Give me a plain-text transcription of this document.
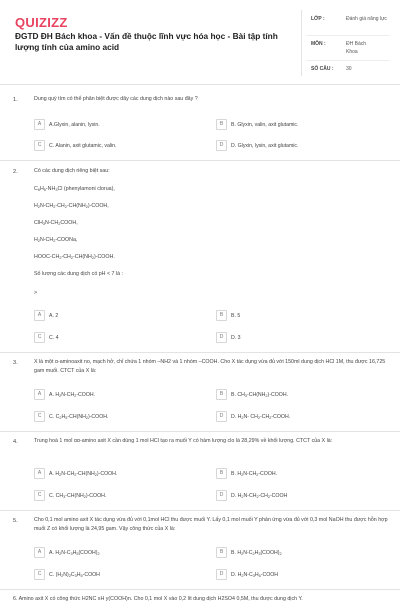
QUIZIZZ
ĐGTD ĐH Bách khoa - Vấn đề thuộc lĩnh vực hóa học - Bài tập tính lượng tính của amino acid
LỚP :	Đánh giá năng lực
MÔN :	ĐH Bách Khoa
SỐ CÂU :	30
1.	Dung quỳ tím có thể phân biệt được dãy các dung dịch nào sau đây ?
A	A.Glyxin, alanin, lysin.	B	B. Glyxin, valin, axit glutamic.
C	C. Alanin, axit glutamic, valin.	D	D. Glyxin, lysin, axit glutamic.
2.	Có các dung dịch riêng biệt sau:
$C_6H_5-NH_3Cl$ (phenylamoni clorua),
$H_2N-CH_2-CH_2-CH(NH_2)$-COOH,
$ClH_3N-CH_2COOH$,
$H_2N-CH_2$-COONa,
HOOC-$CH_2-CH_2-CH(NH_2)$-COOH.
Số lượng các dung dịch có pH < 7 là :
>
A	A. 2	B	B. 5
C	C. 4	D	D. 3
3.	X là một α-aminoaxit no, mạch hở, chỉ chứa 1 nhóm –NH2 và 1 nhóm –COOH. Cho X tác dụng vừa đủ với 150ml dung dịch HCl 1M, thu được 16,725 gam muối. CTCT của X là:
A	A. $H_2N-CH_2$-COOH.	B	B. $CH_3-CH(NH_2)$-COOH.
C	C. $C_2H_5-CH(NH_2)$-COOH.	D	D. $H_2N-$ $CH_2-CH_2$-COOH.
4.	Trung hoà 1 mol αα-amino axit X cần dùng 1 mol HCl tạo ra muối Y có hàm lượng clo là 28,29% về khối lượng. CTCT của X là:
A	A. $H_2N-CH_2-CH(NH_2)$-COOH.	B	B. $H_2N-CH_2$-COOH.
C	C. $CH_3-CH(NH_2)$-COOH.	D	D. $H_2N-CH_2-CH_2$-COOH
5.	Cho 0,1 mol amino axit X tác dụng vừa đủ với 0,1mol HCl thu được muối Y. Lấy 0,1 mol muối Y phản ứng vừa đủ với 0,3 mol NaOH thu được hỗn hợp muối Z có khối lượng là 24,95 gam. Vậy công thức của X là:
A	A. $H_2N-C_3H_5(COOH)_2$	B	B. $H_2N-C_2H_3(COOH)_2$
C	C. $(H_2N)_2C_3H_5$-COOH	D	D. $H_2N-C_3H_6$-COOH
6. Amino axit X có công thức H2NC xH y(COOH)n. Cho 0,1 mol X vào 0,2 lít dung dịch H2SO4 0,5M, thu được dung dịch Y.
